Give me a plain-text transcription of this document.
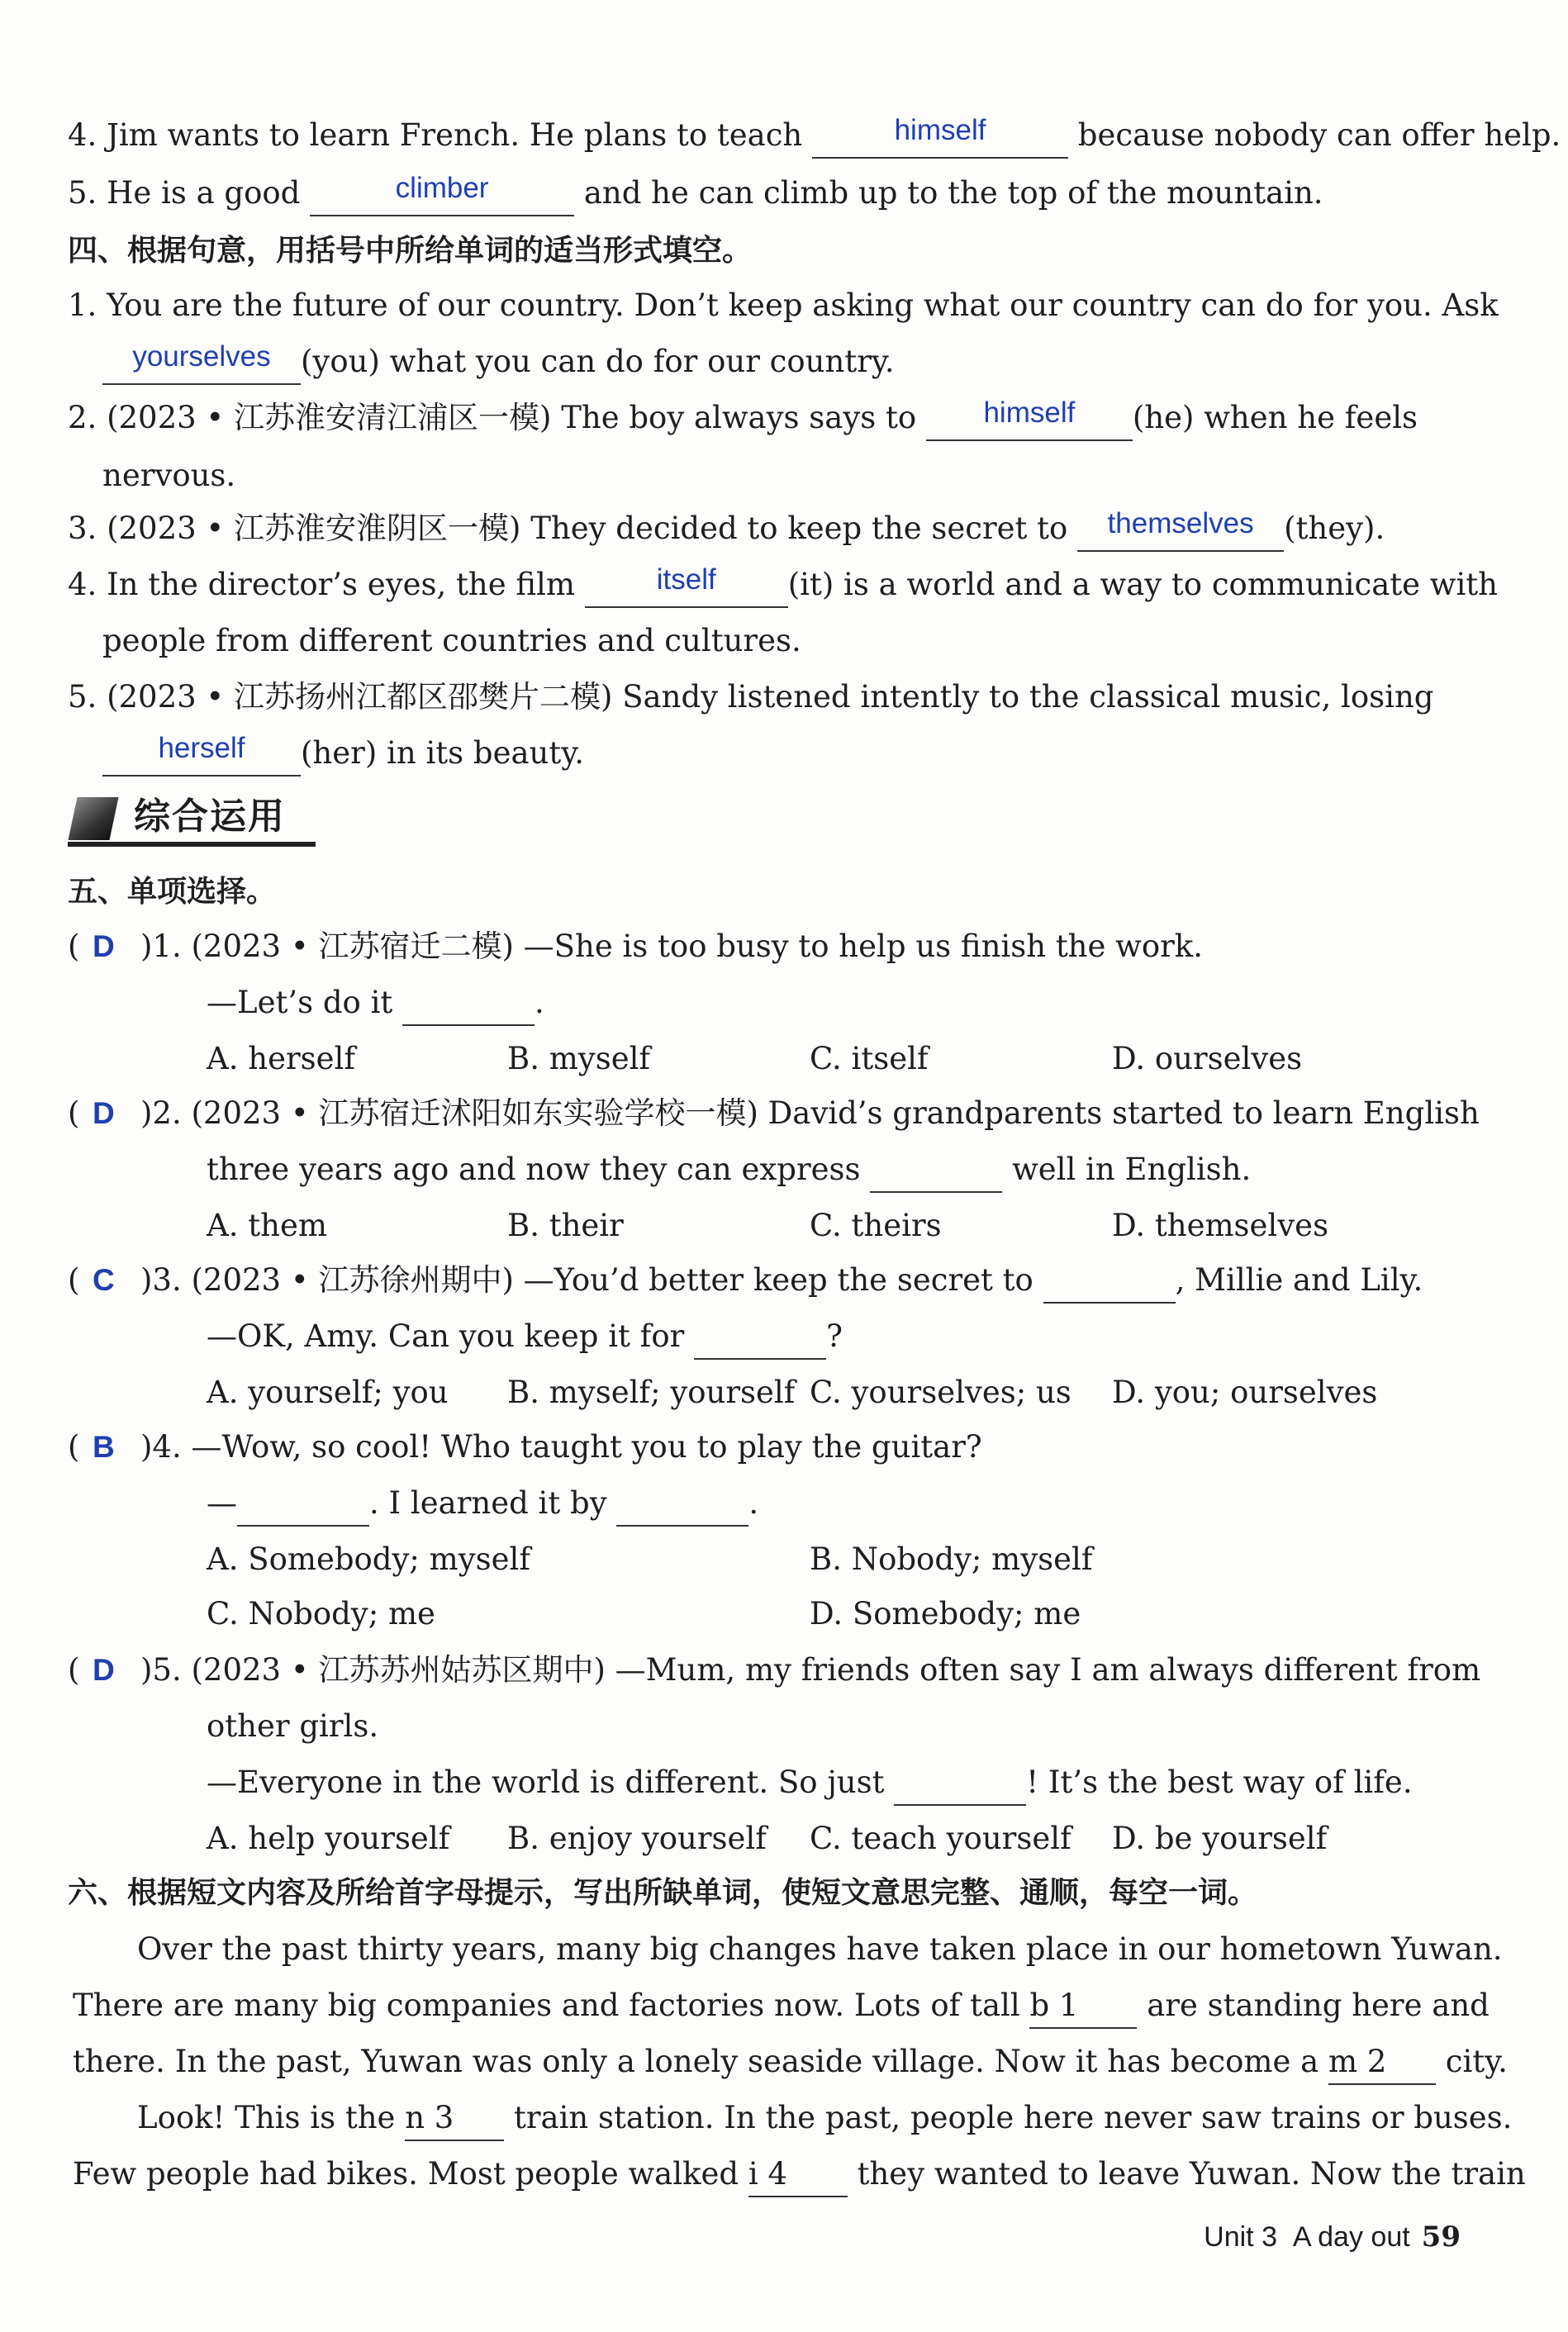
4. Jim wants to learn French. He plans to teach	himself	because nobody can offer help.
5. He is a good	climber	and he can climb up to the top of the mountain.
四、根据句意，用括号中所给单词的适当形式填空。
1. You are the future of our country. Don’t keep asking what our country can do for you. Ask
yourselves (you) what you can do for our country.
2. (2023 • 江苏淮安清江浦区一模) The boy always says to	himself	(he) when he feels
nervous.
3. (2023 • 江苏淮安淮阴区一模) They decided to keep the secret to	themselves (they).
4. In the director’s eyes, the film	itself	(it) is a world and a way to communicate with
people from different countries and cultures.
5. (2023 • 江苏扬州江都区邵樊片二模) Sandy listened intently to the classical music, losing
herself	(her) in its beauty.
综合运用
五、单项选择。
( D )1. (2023 • 江苏宿迁二模) —She is too busy to help us finish the work.
—Let’s do it	.
A. herself	B. myself	C. itself	D. ourselves
( D )2. (2023 • 江苏宿迁沭阳如东实验学校一模) David’s grandparents started to learn English
three years ago and now they can express	well in English.
A. them	B. their	C. theirs	D. themselves
( C )3. (2023 • 江苏徐州期中) —You’d better keep the secret to	, Millie and Lily.
—OK, Amy. Can you keep it for	?
A. yourself; you B. myself; yourself C. yourselves; us D. you; ourselves
( B )4. —Wow, so cool! Who taught you to play the guitar?
—	. I learned it by	.
A. Somebody; myself	B. Nobody; myself
C. Nobody; me	D. Somebody; me
( D )5. (2023 • 江苏苏州姑苏区期中) —Mum, my friends often say I am always different from
other girls.
—Everyone in the world is different. So just	! It’s the best way of life.
A. help yourself B. enjoy yourself C. teach yourself D. be yourself
六、根据短文内容及所给首字母提示，写出所缺单词，使短文意思完整、通顺，每空一词。
Over the past thirty years, many big changes have taken place in our hometown Yuwan.
There are many big companies and factories now. Lots of tall b 1 are standing here and
there. In the past, Yuwan was only a lonely seaside village. Now it has become a m 2 city.
Look! This is the n 3 train station. In the past, people here never saw trains or buses.
Few people had bikes. Most people walked i 4 they wanted to leave Yuwan. Now the train
Unit 3 A day out 59
